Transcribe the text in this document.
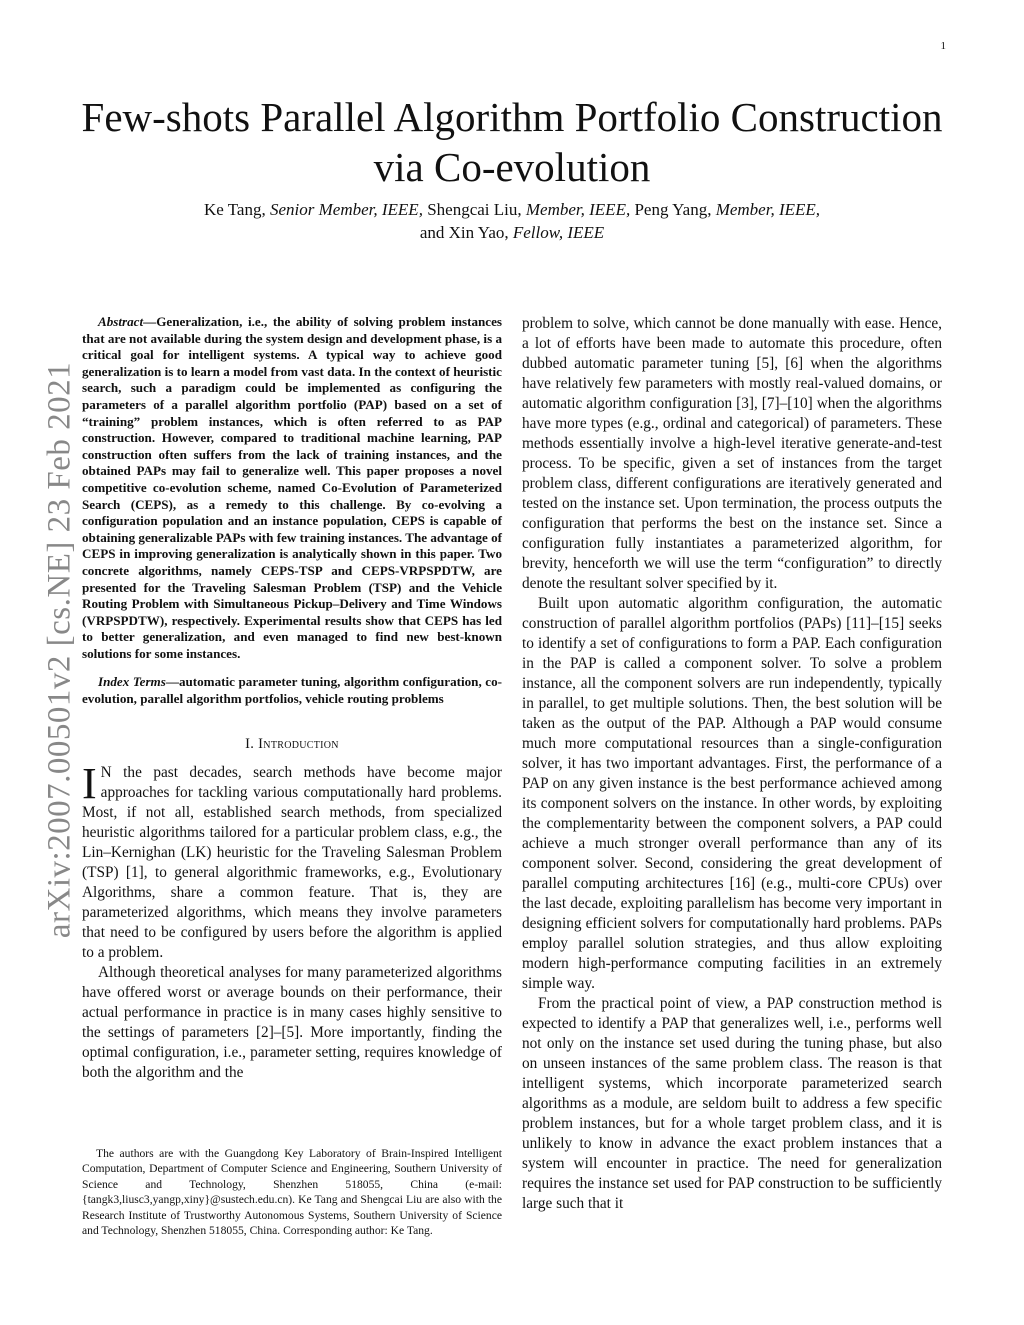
1
Few-shots Parallel Algorithm Portfolio Construction via Co-evolution
Ke Tang, Senior Member, IEEE, Shengcai Liu, Member, IEEE, Peng Yang, Member, IEEE,
and Xin Yao, Fellow, IEEE
arXiv:2007.00501v2 [cs.NE] 23 Feb 2021

Abstract—Generalization, i.e., the ability of solving problem instances that are not available during the system design and development phase, is a critical goal for intelligent systems. A typical way to achieve good generalization is to learn a model from vast data. In the context of heuristic search, such a paradigm could be implemented as configuring the parameters of a parallel algorithm portfolio (PAP) based on a set of “training” problem instances, which is often referred to as PAP construction. However, compared to traditional machine learning, PAP construction often suffers from the lack of training instances, and the obtained PAPs may fail to generalize well. This paper proposes a novel competitive co-evolution scheme, named Co-Evolution of Parameterized Search (CEPS), as a remedy to this challenge. By co-evolving a configuration population and an instance population, CEPS is capable of obtaining generalizable PAPs with few training instances. The advantage of CEPS in improving generalization is analytically shown in this paper. Two concrete algorithms, namely CEPS-TSP and CEPS-VRPSPDTW, are presented for the Traveling Salesman Problem (TSP) and the Vehicle Routing Problem with Simultaneous Pickup–Delivery and Time Windows (VRPSPDTW), respectively. Experimental results show that CEPS has led to better generalization, and even managed to find new best-known solutions for some instances.

Index Terms—automatic parameter tuning, algorithm configuration, co-evolution, parallel algorithm portfolios, vehicle routing problems

I. Introduction

I N the past decades, search methods have become major approaches for tackling various computationally hard problems. Most, if not all, established search methods, from specialized heuristic algorithms tailored for a particular problem class, e.g., the Lin–Kernighan (LK) heuristic for the Traveling Salesman Problem (TSP) [1], to general algorithmic frameworks, e.g., Evolutionary Algorithms, share a common feature. That is, they are parameterized algorithms, which means they involve parameters that need to be configured by users before the algorithm is applied to a problem.

Although theoretical analyses for many parameterized algorithms have offered worst or average bounds on their performance, their actual performance in practice is in many cases highly sensitive to the settings of parameters [2]–[5]. More importantly, finding the optimal configuration, i.e., parameter setting, requires knowledge of both the algorithm and the

The authors are with the Guangdong Key Laboratory of Brain-Inspired Intelligent Computation, Department of Computer Science and Engineering, Southern University of Science and Technology, Shenzhen 518055, China (e-mail: {tangk3,liusc3,yangp,xiny}@sustech.edu.cn). Ke Tang and Shengcai Liu are also with the Research Institute of Trustworthy Autonomous Systems, Southern University of Science and Technology, Shenzhen 518055, China. Corresponding author: Ke Tang.

problem to solve, which cannot be done manually with ease. Hence, a lot of efforts have been made to automate this procedure, often dubbed automatic parameter tuning [5], [6] when the algorithms have relatively few parameters with mostly real-valued domains, or automatic algorithm configuration [3], [7]–[10] when the algorithms have more types (e.g., ordinal and categorical) of parameters. These methods essentially involve a high-level iterative generate-and-test process. To be specific, given a set of instances from the target problem class, different configurations are iteratively generated and tested on the instance set. Upon termination, the process outputs the configuration that performs the best on the instance set. Since a configuration fully instantiates a parameterized algorithm, for brevity, henceforth we will use the term “configuration” to directly denote the resultant solver specified by it.

Built upon automatic algorithm configuration, the automatic construction of parallel algorithm portfolios (PAPs) [11]–[15] seeks to identify a set of configurations to form a PAP. Each configuration in the PAP is called a component solver. To solve a problem instance, all the component solvers are run independently, typically in parallel, to get multiple solutions. Then, the best solution will be taken as the output of the PAP. Although a PAP would consume much more computational resources than a single-configuration solver, it has two important advantages. First, the performance of a PAP on any given instance is the best performance achieved among its component solvers on the instance. In other words, by exploiting the complementarity between the component solvers, a PAP could achieve a much stronger overall performance than any of its component solver. Second, considering the great development of parallel computing architectures [16] (e.g., multi-core CPUs) over the last decade, exploiting parallelism has become very important in designing efficient solvers for computationally hard problems. PAPs employ parallel solution strategies, and thus allow exploiting modern high-performance computing facilities in an extremely simple way.

From the practical point of view, a PAP construction method is expected to identify a PAP that generalizes well, i.e., performs well not only on the instance set used during the tuning phase, but also on unseen instances of the same problem class. The reason is that intelligent systems, which incorporate parameterized search algorithms as a module, are seldom built to address a few specific problem instances, but for a whole target problem class, and it is unlikely to know in advance the exact problem instances that a system will encounter in practice. The need for generalization requires the instance set used for PAP construction to be sufficiently large such that it
